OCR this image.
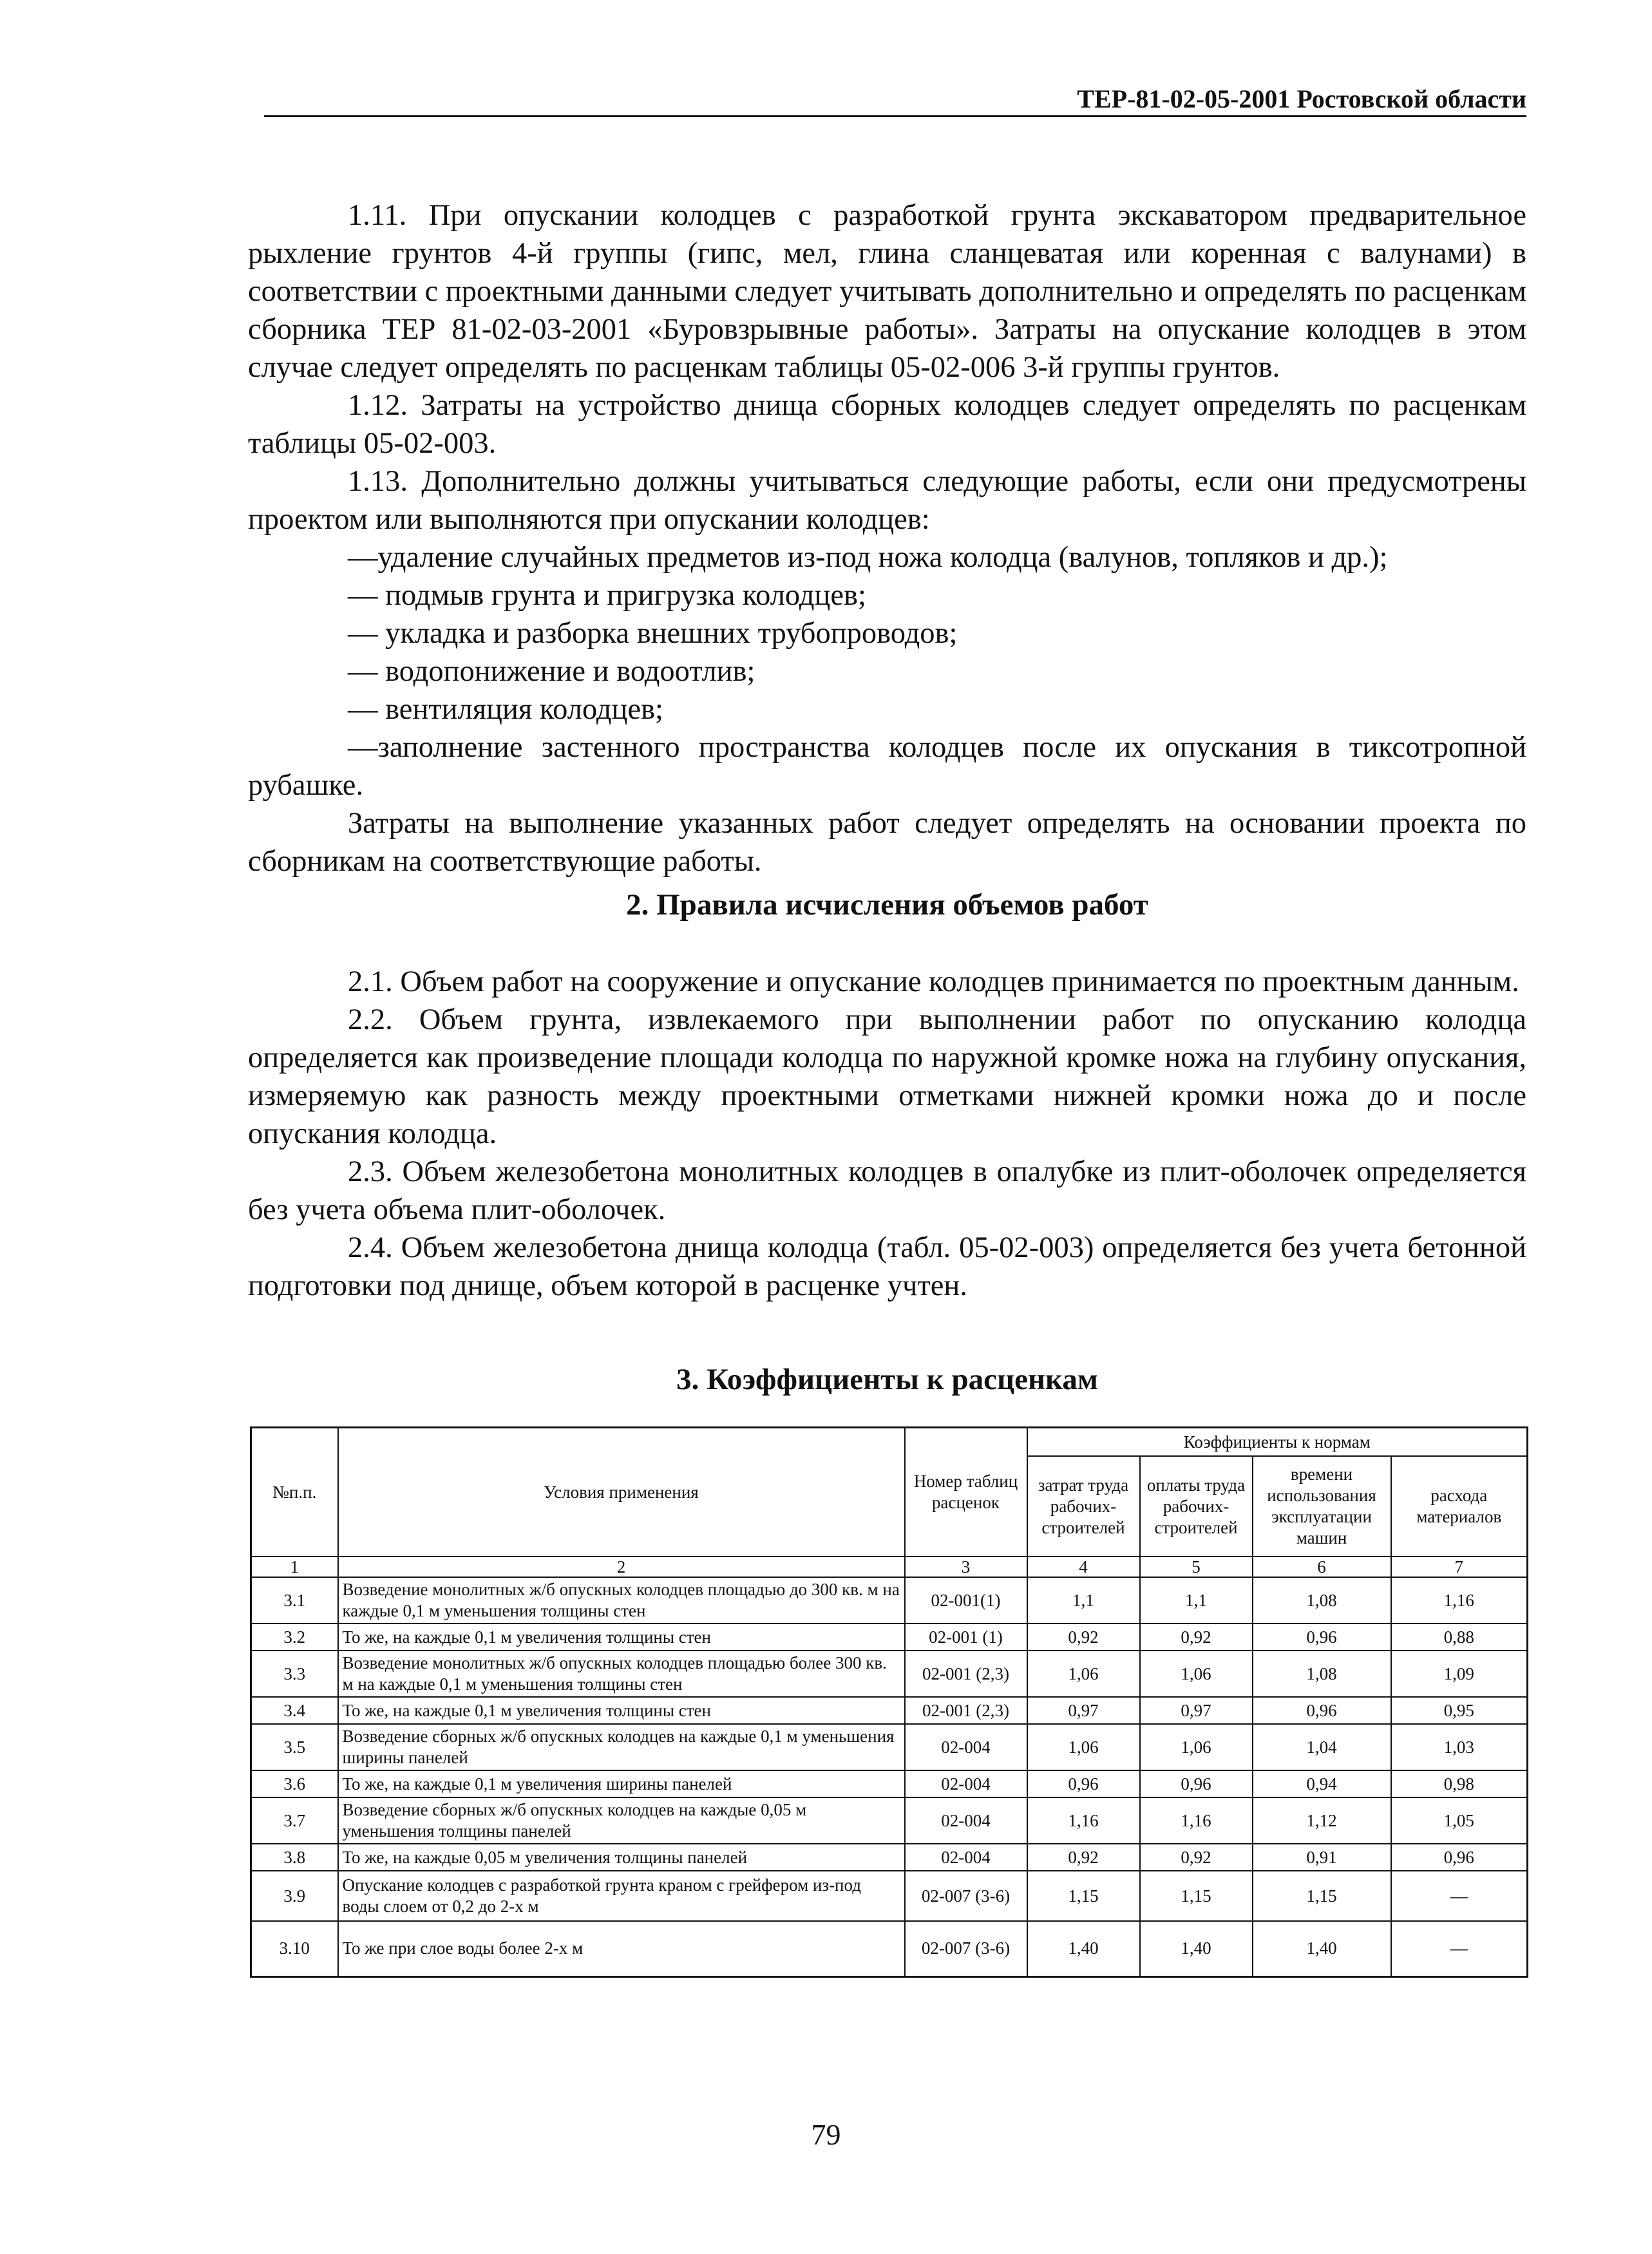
ТЕР-81-02-05-2001 Ростовской области

1.11. При опускании колодцев с разработкой грунта экскаватором предварительное рыхление грунтов 4-й группы (гипс, мел, глина сланцеватая или коренная с валунами) в соответствии с проектными данными следует учитывать дополнительно и определять по расценкам сборника ТЕР 81-02-03-2001 «Буровзрывные работы». Затраты на опускание колодцев в этом случае следует определять по расценкам таблицы 05-02-006 3-й группы грунтов.

1.12. Затраты на устройство днища сборных колодцев следует определять по расценкам таблицы 05-02-003.

1.13. Дополнительно должны учитываться следующие работы, если они предусмотрены проектом или выполняются при опускании колодцев:

—удаление случайных предметов из-под ножа колодца (валунов, топляков и др.);

— подмыв грунта и пригрузка колодцев;

— укладка и разборка внешних трубопроводов;

— водопонижение и водоотлив;

— вентиляция колодцев;

—заполнение застенного пространства колодцев после их опускания в тиксотропной

рубашке.

Затраты на выполнение указанных работ следует определять на основании проекта по сборникам на соответствующие работы.

2. Правила исчисления объемов работ

2.1. Объем работ на сооружение и опускание колодцев принимается по проектным данным.

2.2. Объем грунта, извлекаемого при выполнении работ по опусканию колодца определяется как произведение площади колодца по наружной кромке ножа на глубину опускания, измеряемую как разность между проектными отметками нижней кромки ножа до и после опускания колодца.

2.3. Объем железобетона монолитных колодцев в опалубке из плит-оболочек определяется без учета объема плит-оболочек.

2.4. Объем железобетона днища колодца (табл. 05-02-003) определяется без учета бетонной подготовки под днище, объем которой в расценке учтен.

3. Коэффициенты к расценкам
№п.п.	Условия применения	Номер таблиц расценок	Коэффициенты к нормам			
			затрат труда рабочих-строителей	оплаты труда рабочих-строителей	времени использования эксплуатации машин	расхода материалов
1	2	3	4	5	6	7
3.1	Возведение монолитных ж/б опускных колодцев площадью до 300 кв. м на каждые 0,1 м уменьшения толщины стен	02-001(1)	1,1	1,1	1,08	1,16
3.2	То же, на каждые 0,1 м увеличения толщины стен	02-001 (1)	0,92	0,92	0,96	0,88
3.3	Возведение монолитных ж/б опускных колодцев площадью более 300 кв. м на каждые 0,1 м уменьшения толщины стен	02-001 (2,3)	1,06	1,06	1,08	1,09
3.4	То же, на каждые 0,1 м увеличения толщины стен	02-001 (2,3)	0,97	0,97	0,96	0,95
3.5	Возведение сборных ж/б опускных колодцев на каждые 0,1 м уменьшения ширины панелей	02-004	1,06	1,06	1,04	1,03
3.6	То же, на каждые 0,1 м увеличения ширины панелей	02-004	0,96	0,96	0,94	0,98
3.7	Возведение сборных ж/б опускных колодцев на каждые 0,05 м уменьшения толщины панелей	02-004	1,16	1,16	1,12	1,05
3.8	То же, на каждые 0,05 м увеличения толщины панелей	02-004	0,92	0,92	0,91	0,96
3.9	Опускание колодцев с разработкой грунта краном с грейфером из-под воды слоем от 0,2 до 2-х м	02-007 (3-6)	1,15	1,15	1,15	—
3.10	То же при слое воды более 2-х м	02-007 (3-6)	1,40	1,40	1,40	—
79
